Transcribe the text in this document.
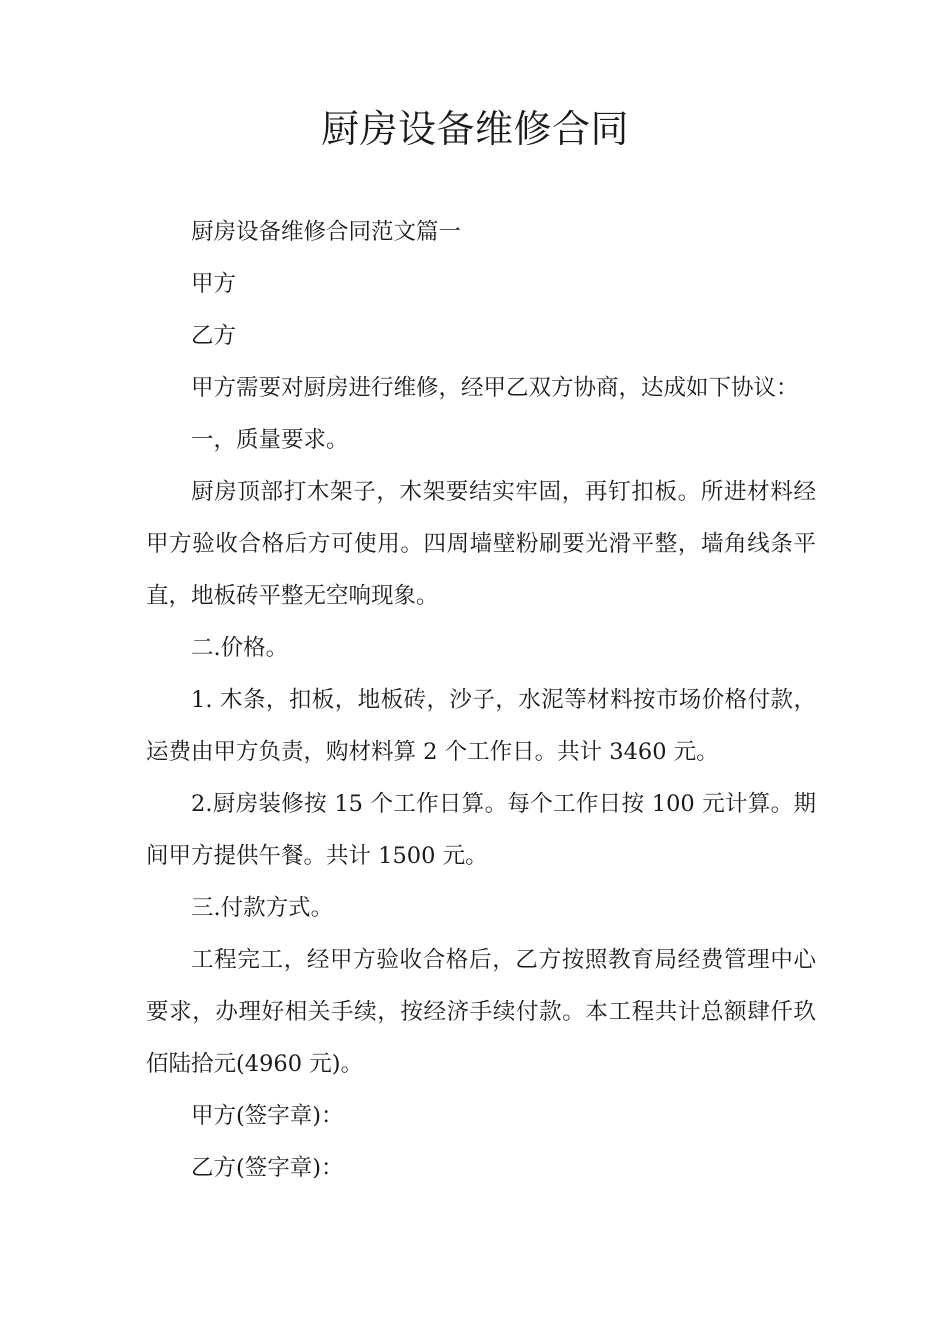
厨房设备维修合同

厨房设备维修合同范文篇一

甲方

乙方

甲方需要对厨房进行维修，经甲乙双方协商，达成如下协议：

一，质量要求。

厨房顶部打木架子，木架要结实牢固，再钉扣板。所进材料经甲方验收合格后方可使用。四周墙壁粉刷要光滑平整，墙角线条平直，地板砖平整无空响现象。

二.价格。

1. 木条，扣板，地板砖，沙子，水泥等材料按市场价格付款，运费由甲方负责，购材料算 2 个工作日。共计 3460 元。

2.厨房装修按 15 个工作日算。每个工作日按 100 元计算。期间甲方提供午餐。共计 1500 元。

三.付款方式。

工程完工，经甲方验收合格后，乙方按照教育局经费管理中心要求，办理好相关手续，按经济手续付款。本工程共计总额肆仟玖佰陆拾元(4960 元)。

甲方(签字章)：

乙方(签字章)：
